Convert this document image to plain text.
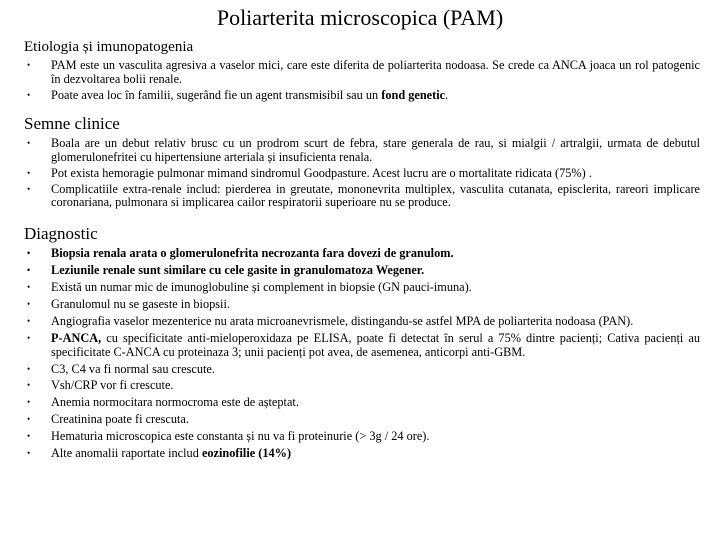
Poliarterita microscopica (PAM)
Etiologia și imunopatogenia
• PAM este un vasculita agresiva a vaselor mici, care este diferita de poliarterita nodoasa. Se crede ca ANCA joaca un rol patogenic în dezvoltarea bolii renale.
• Poate avea loc în familii, sugerând fie un agent transmisibil sau un fond genetic.
Semne clinice
• Boala are un debut relativ brusc cu un prodrom scurt de febra, stare generala de rau, si mialgii / artralgii, urmata de debutul glomerulonefritei cu hipertensiune arteriala și insuficienta renala.
• Pot exista hemoragie pulmonar mimand sindromul Goodpasture. Acest lucru are o mortalitate ridicata (75%) .
• Complicatiile extra-renale includ: pierderea in greutate, mononevrita multiplex, vasculita cutanata, episclerita, rareori implicare coronariana, pulmonara si implicarea cailor respiratorii superioare nu se produce.
Diagnostic
• Biopsia renala arata o glomerulonefrita necrozanta fara dovezi de granulom.
• Leziunile renale sunt similare cu cele gasite in granulomatoza Wegener.
• Există un numar mic de imunoglobuline și complement in biopsie (GN pauci-imuna).
• Granulomul nu se gaseste in biopsii.
• Angiografia vaselor mezenterice nu arata microanevrismele, distingandu-se astfel MPA de poliarterita nodoasa (PAN).
• P-ANCA, cu specificitate anti-mieloperoxidaza pe ELISA, poate fi detectat în serul a 75% dintre pacienți; Cativa pacienți au specificitate C-ANCA cu proteinaza 3; unii pacienți pot avea, de asemenea, anticorpi anti-GBM.
• C3, C4 va fi normal sau crescute.
• Vsh/CRP vor fi crescute.
• Anemia normocitara normocroma este de așteptat.
• Creatinina poate fi crescuta.
• Hematuria microscopica este constanta și nu va fi proteinurie (> 3g / 24 ore).
• Alte anomalii raportate includ eozinofilie (14%)
